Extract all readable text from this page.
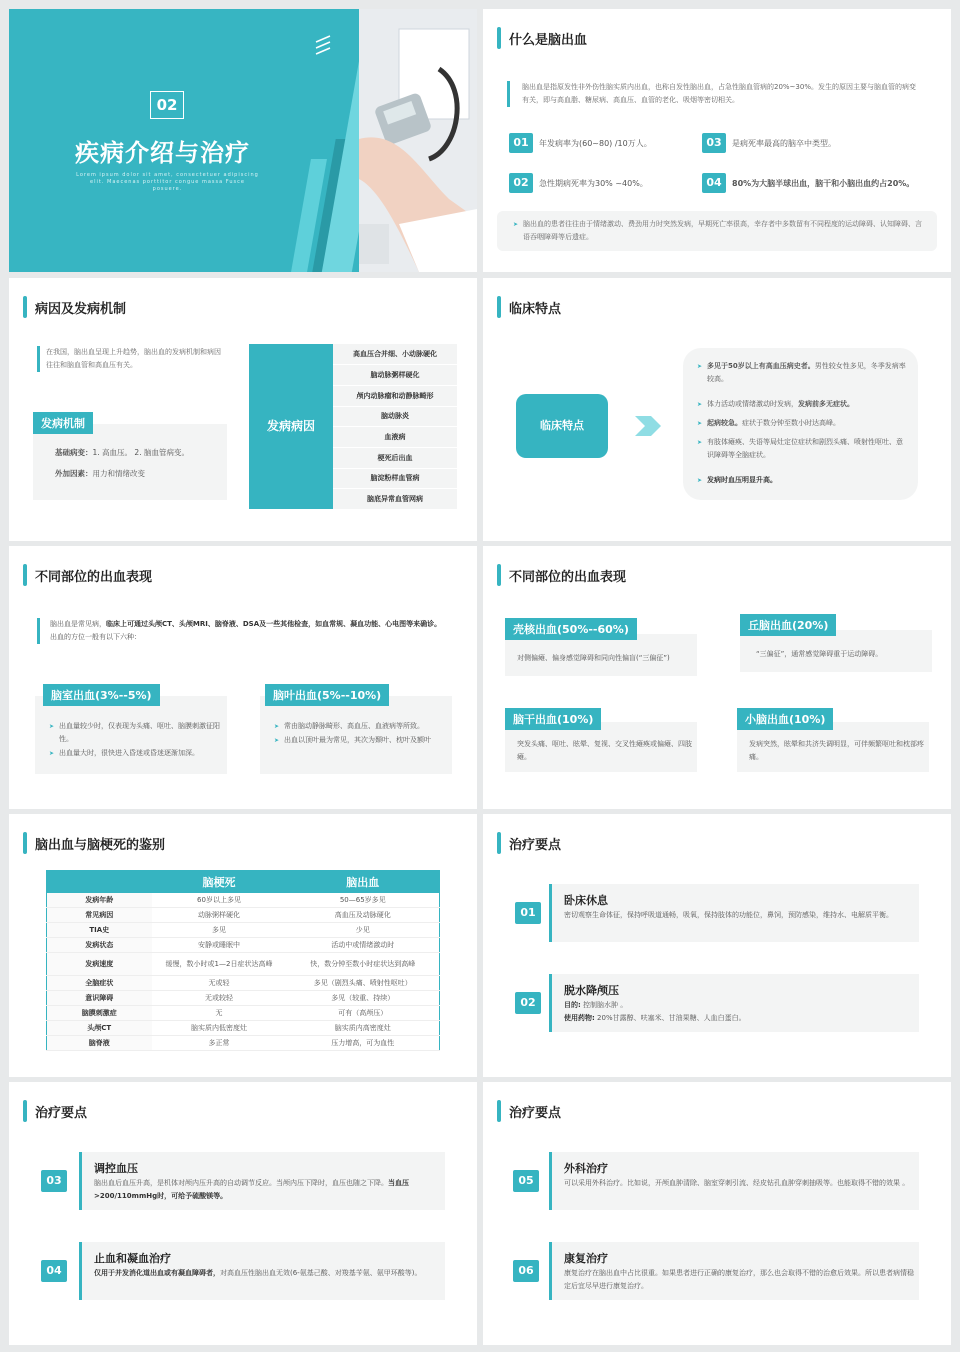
02
疾病介绍与治疗
Lorem ipsum dolor sit amet, consectetuer adipiscing elit. Maecenas porttitor congue massa Fusce posuere.
什么是脑出血
脑出血是指原发性非外伤性脑实质内出血，也称自发性脑出血，占急性脑血管病的20%~30%。发生的原因主要与脑血管的病变有关，即与高血脂、糖尿病、高血压、血管的老化、吸烟等密切相关。
01	年发病率为(60~80) /10万人。	03	是病死率最高的脑卒中类型。
02	急性期病死率为30% ~40%。	04	80%为大脑半球出血，脑干和小脑出血约占20%。
➤ 脑出血的患者往往由于情绪激动、费劲用力时突然发病，早期死亡率很高，幸存者中多数留有不同程度的运动障碍、认知障碍、言语吞咽障碍等后遗症。
病因及发病机制
在我国，脑出血呈现上升趋势，脑出血的发病机制和病因往往和脑血管和高血压有关。
发病机制
基础病变：1. 高血压。 2. 脑血管病变。
外加因素：用力和情绪改变
发病病因
高血压合并细、小动脉硬化
脑动脉粥样硬化
颅内动脉瘤和动静脉畸形
脑动脉炎
血液病
梗死后出血
脑淀粉样血管病
脑底异常血管网病
临床特点
临床特点
➤ 多见于50岁以上有高血压病史者。男性较女性多见，冬季发病率较高。
➤ 体力活动或情绪激动时发病，发病前多无症状。
➤ 起病较急。症状于数分钟至数小时达高峰。
➤ 有肢体瘫痪、失语等局灶定位症状和剧烈头痛、喷射性呕吐、意识障碍等全脑症状。
➤ 发病时血压明显升高。
不同部位的出血表现
脑出血是常见病，临床上可通过头颅CT、头颅MRI、脑脊液、DSA及一些其他检查，如血常规、凝血功能、心电图等来确诊。出血的方位一般有以下六种：
➤ 出血量较少时，仅表现为头痛、呕吐、脑膜刺激征阳性。
➤ 出血量大时，很快进入昏迷或昏迷逐渐加深。
脑室出血(3%--5%)
➤ 常由脑动静脉畸形、高血压、血液病等所致。
➤ 出血以顶叶最为常见，其次为颞叶、枕叶及额叶
脑叶出血(5%--10%)
不同部位的出血表现
对侧偏瘫、偏身感觉障碍和同向性偏盲(“三偏征”)
壳核出血(50%--60%)
“三偏征”，通常感觉障碍重于运动障碍。
丘脑出血(20%)
突发头痛、呕吐、眩晕、复视、交叉性瘫痪或偏瘫、四肢瘫。
脑干出血(10%)
发病突然，眩晕和共济失调明显，可伴频繁呕吐和枕部疼痛。
小脑出血(10%)
脑出血与脑梗死的鉴别
	脑梗死	脑出血
发病年龄	60岁以上多见	50—65岁多见
常见病因	动脉粥样硬化	高血压及动脉硬化
TIA史	多见	少见
发病状态	安静或睡眠中	活动中或情绪激动时
发病速度	缓慢，数小时或1—2日症状达高峰	快，数分钟至数小时症状达到高峰
全脑症状	无或轻	多见（剧烈头痛、喷射性呕吐）
意识障碍	无或较轻	多见（较重、持续）
脑膜刺激症	无	可有（高颅压）
头颅CT	脑实质内低密度灶	脑实质内高密度灶
脑脊液	多正常	压力增高，可为血性
治疗要点
卧床休息
密切观察生命体征，保持呼吸道通畅，吸氧，保持肢体的功能位，鼻饲，预防感染，维持水、电解质平衡。
01
脱水降颅压
目的: 控制脑水肿 。
使用药物: 20%甘露醇、呋塞米、甘油果糖、人血白蛋白。
02
治疗要点
调控血压
脑出血后血压升高，是机体对颅内压升高的自动调节反应。当颅内压下降时，血压也随之下降。当血压>200/110mmHg时，可给予硫酸镁等。
03
止血和凝血治疗
仅用于并发消化道出血或有凝血障碍者，对高血压性脑出血无效(6-氨基己酸、对羧基苄氨、氨甲环酸等)。
04
治疗要点
外科治疗
可以采用外科治疗。比如说，开颅血肿清除、脑室穿刺引流、经皮钻孔血肿穿刺抽吸等。也能取得不错的效果 。
05
康复治疗
康复治疗在脑出血中占比很重。如果患者进行正确的康复治疗，那么也会取得不错的治愈后效果。所以患者病情稳定后宜尽早进行康复治疗。
06
